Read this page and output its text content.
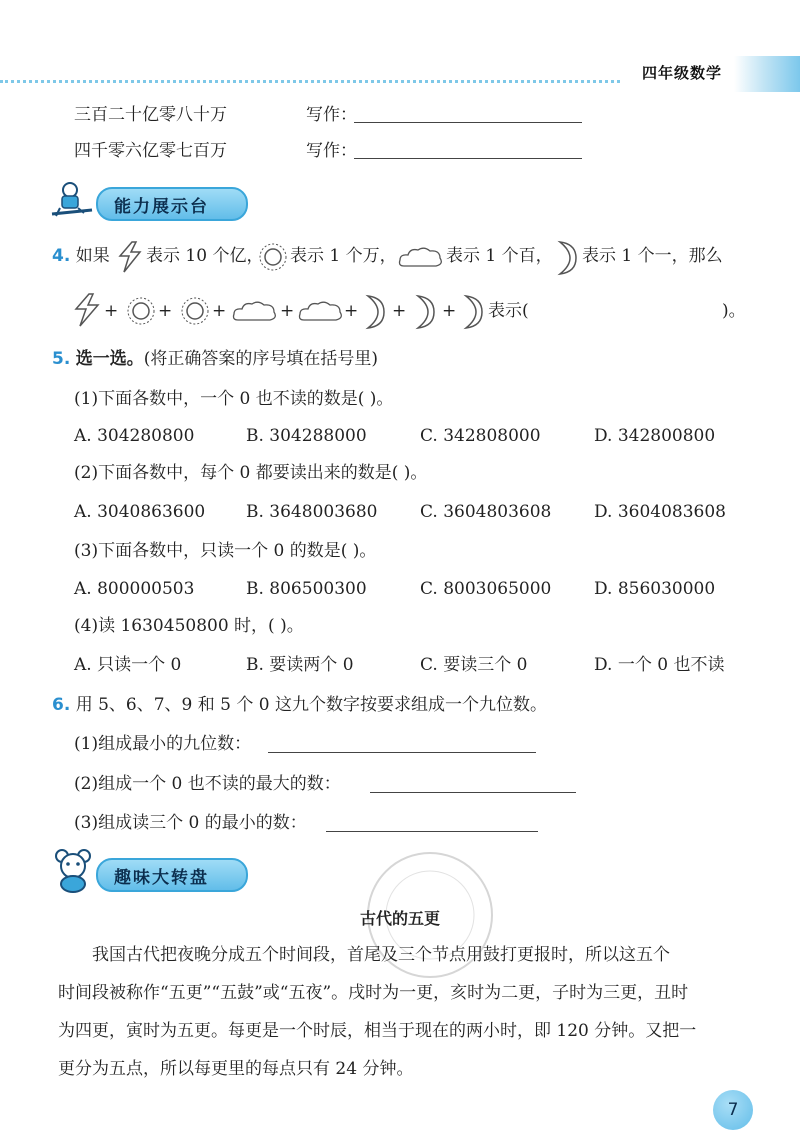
四年级数学
三百二十亿零八十万	写作：
四千零六亿零七百万	写作：
能力展示台
4. 如果 表示 10 个亿， 表示 1 个万，	表示 1 个百， 表示 1 个一，那么
+ + +	+	+ + + 表示(	)。
5. 选一选。(将正确答案的序号填在括号里)
(1)下面各数中，一个 0 也不读的数是( )。
A. 304280800	B. 304288000	C. 342808000	D. 342800800
(2)下面各数中，每个 0 都要读出来的数是( )。
A. 3040863600 B. 3648003680	C. 3604803608	D. 3604083608
(3)下面各数中，只读一个 0 的数是( )。
A. 800000503	B. 806500300	C. 8003065000	D. 856030000
(4)读 1630450800 时，( )。
A. 只读一个 0	B. 要读两个 0	C. 要读三个 0	D. 一个 0 也不读
6. 用 5、6、7、9 和 5 个 0 这九个数字按要求组成一个九位数。
(1)组成最小的九位数：
(2)组成一个 0 也不读的最大的数：
(3)组成读三个 0 的最小的数：
趣味大转盘
古代的五更
我国古代把夜晚分成五个时间段，首尾及三个节点用鼓打更报时，所以这五个
时间段被称作“五更”“五鼓”或“五夜”。戌时为一更，亥时为二更，子时为三更，丑时
为四更，寅时为五更。每更是一个时辰，相当于现在的两小时，即 120 分钟。又把一
更分为五点，所以每更里的每点只有 24 分钟。
7
